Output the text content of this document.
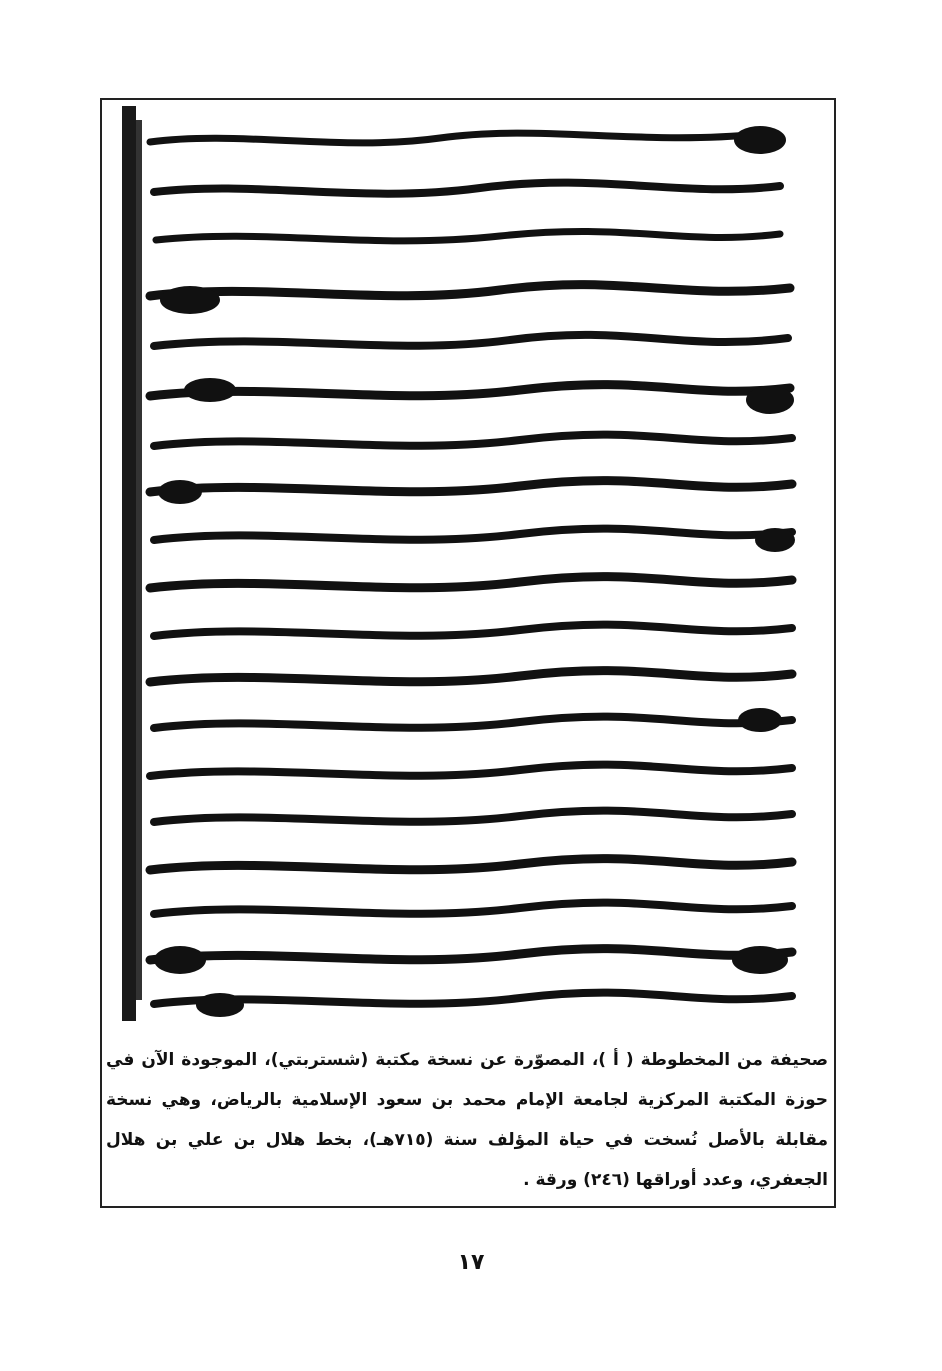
صحيفة من المخطوطة ( أ )، المصوّرة عن نسخة مكتبة (شستربتي)، الموجودة الآن في حوزة المكتبة المركزية لجامعة الإمام محمد بن سعود الإسلامية بالرياض، وهي نسخة مقابلة بالأصل نُسخت في حياة المؤلف سنة (٧١٥هـ)، بخط هلال بن علي بن هلال الجعفري، وعدد أوراقها (٢٤٦) ورقة .
١٧
